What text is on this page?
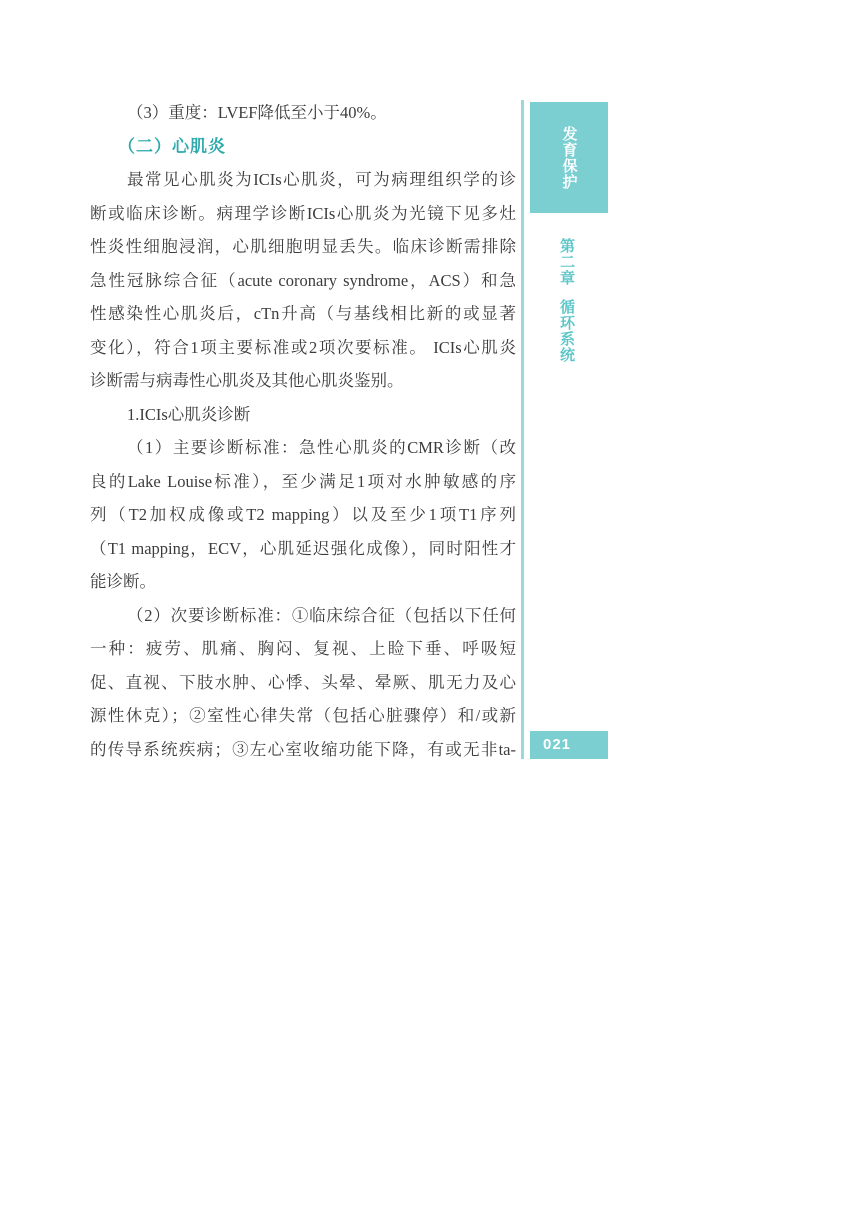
（3）重度：LVEF降低至小于40%。
（二）心肌炎
最常见心肌炎为ICIs心肌炎，可为病理组织学的诊
断或临床诊断。病理学诊断ICIs心肌炎为光镜下见多灶
性炎性细胞浸润，心肌细胞明显丢失。临床诊断需排除
急性冠脉综合征（acute coronary syndrome，ACS）和急
性感染性心肌炎后，cTn升高（与基线相比新的或显著
变化），符合1项主要标准或2项次要标准。 ICIs心肌炎
诊断需与病毒性心肌炎及其他心肌炎鉴别。
1.ICIs心肌炎诊断
（1）主要诊断标准：急性心肌炎的CMR诊断（改
良的Lake Louise标准），至少满足1项对水肿敏感的序
列（T2加权成像或T2 mapping）以及至少1项T1序列
（T1 mapping，ECV，心肌延迟强化成像），同时阳性才
能诊断。
（2）次要诊断标准：①临床综合征（包括以下任何
一种：疲劳、肌痛、胸闷、复视、上睑下垂、呼吸短
促、直视、下肢水肿、心悸、头晕、晕厥、肌无力及心
源性休克）；②室性心律失常（包括心脏骤停）和/或新
的传导系统疾病；③左心室收缩功能下降，有或无非ta-
发育保护
第二章
循环系统
021
